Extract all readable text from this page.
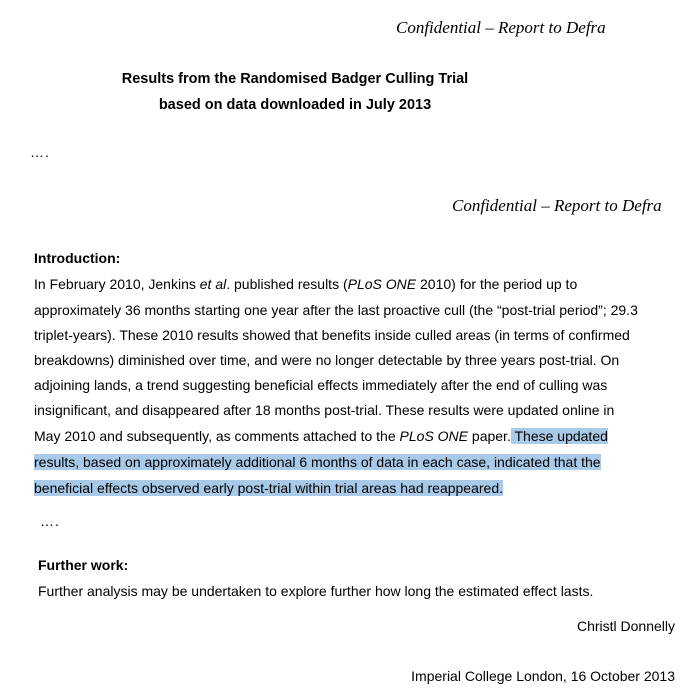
Confidential – Report to Defra
Results from the Randomised Badger Culling Trial
based on data downloaded in July 2013
….
Confidential – Report to Defra
Introduction:
In February 2010, Jenkins et al. published results (PLoS ONE 2010) for the period up to
approximately 36 months starting one year after the last proactive cull (the “post-trial period”; 29.3
triplet-years). These 2010 results showed that benefits inside culled areas (in terms of confirmed
breakdowns) diminished over time, and were no longer detectable by three years post-trial. On
adjoining lands, a trend suggesting beneficial effects immediately after the end of culling was
insignificant, and disappeared after 18 months post-trial. These results were updated online in
May 2010 and subsequently, as comments attached to the PLoS ONE paper. These updated
results, based on approximately additional 6 months of data in each case, indicated that the
beneficial effects observed early post-trial within trial areas had reappeared.
….
Further work:
Further analysis may be undertaken to explore further how long the estimated effect lasts.
Christl Donnelly
Imperial College London, 16 October 2013
